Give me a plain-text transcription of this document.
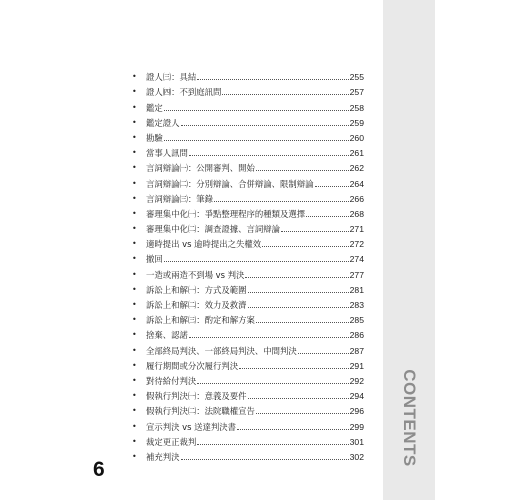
•	證人㈢：具結	255
•	證人㈣：不到庭訊問	257
•	鑑定	258
•	鑑定證人	259
•	勘驗	260
•	當事人訊問	261
•	言詞辯論㈠：公開審判、開始	262
•	言詞辯論㈡：分別辯論、合併辯論、限制辯論	264
•	言詞辯論㈢：筆錄	266
•	審理集中化㈠：爭點整理程序的種類及選擇	268
•	審理集中化㈡：調查證據、言詞辯論	271
•	適時提出 vs 逾時提出之失權效	272
•	撤回	274
•	一造或兩造不到場 vs 判決	277
•	訴訟上和解㈠：方式及範圍	281
•	訴訟上和解㈡：效力及救濟	283
•	訴訟上和解㈢：酌定和解方案	285
•	捨棄、認諾	286
•	全部終局判決、一部終局判決、中間判決	287
•	履行期間或分次履行判決	291
•	對待給付判決	292
•	假執行判決㈠：意義及要件	294
•	假執行判決㈡：法院職權宣告	296
•	宣示判決 vs 送達判決書	299
•	裁定更正裁判	301
•	補充判決	302
6
CONTENTS
